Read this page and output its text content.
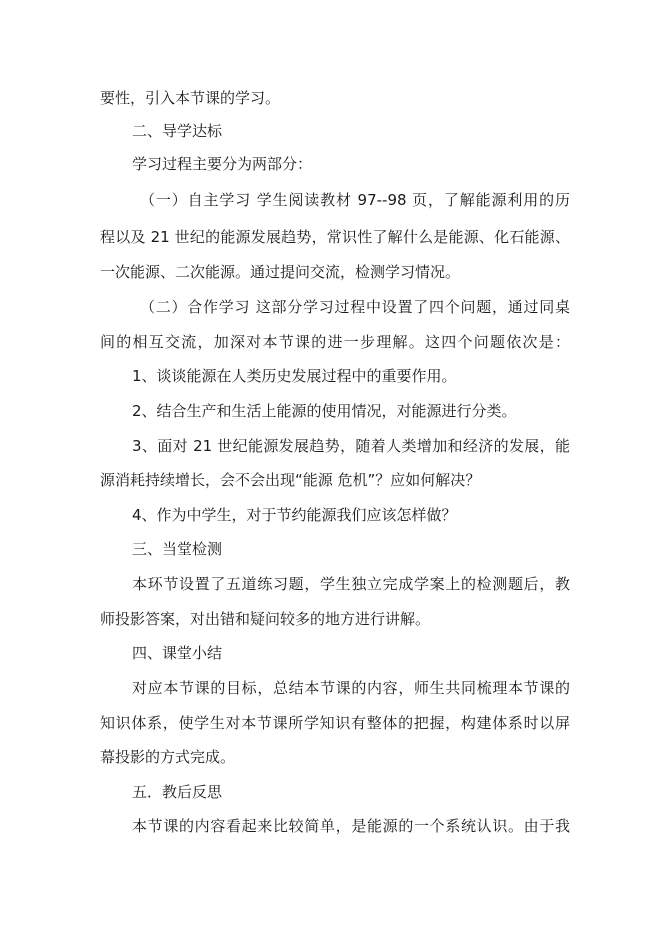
要性，引入本节课的学习。
二、导学达标
学习过程主要分为两部分：
（一）自主学习 学生阅读教材 97--98 页，了解能源利用的历
程以及 21 世纪的能源发展趋势，常识性了解什么是能源、化石能源、
一次能源、二次能源。通过提问交流，检测学习情况。
（二）合作学习 这部分学习过程中设置了四个问题，通过同桌
间的相互交流，加深对本节课的进一步理解。这四个问题依次是：
1、谈谈能源在人类历史发展过程中的重要作用。
2、结合生产和生活上能源的使用情况，对能源进行分类。
3、面对 21 世纪能源发展趋势，随着人类增加和经济的发展，能
源消耗持续增长，会不会出现“能源 危机”？应如何解决？
4、作为中学生，对于节约能源我们应该怎样做？
三、当堂检测
本环节设置了五道练习题，学生独立完成学案上的检测题后，教
师投影答案，对出错和疑问较多的地方进行讲解。
四、课堂小结
对应本节课的目标，总结本节课的内容，师生共同梳理本节课的
知识体系，使学生对本节课所学知识有整体的把握，构建体系时以屏
幕投影的方式完成。
五．教后反思
本节课的内容看起来比较简单，是能源的一个系统认识。由于我
